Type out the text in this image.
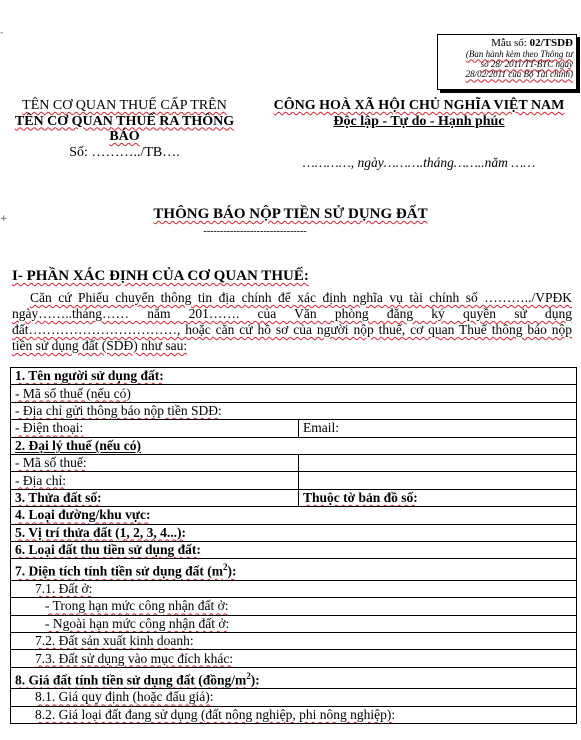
-
+
Mẫu số: 02/TSDĐ
(Ban hành kèm theo Thông tư
số 28/ 2011/TT-BTC ngày
28/02/2011 của Bộ Tài chính)
TÊN CƠ QUAN THUẾ CẤP TRÊN
TÊN CƠ QUAN THUẾ RA THÔNG BÁO
Số: ………../TB….
CÔNG HOÀ XÃ HỘI CHỦ NGHĨA VIỆT NAM
Độc lập - Tự do - Hạnh phúc
…………, ngày……….tháng……..năm ……
THÔNG BÁO NỘP TIỀN SỬ DỤNG ĐẤT
-------------------------------
I- PHẦN XÁC ĐỊNH CỦA CƠ QUAN THUẾ:

Căn cứ Phiếu chuyển thông tin địa chính để xác định nghĩa vụ tài chính số ………../VPĐK ngày……..tháng…… năm 201……. của Văn phòng đăng ký quyền sử dụng đất……………………………, hoặc căn cứ hồ sơ của người nộp thuế, cơ quan Thuế thông báo nộp tiền sử dụng đất (SDĐ) như sau:

1. Tên người sử dụng đất:	
- Mã số thuế (nếu có)	
- Địa chỉ gửi thông báo nộp tiền SDĐ:	
- Điện thoại:	Email:
2. Đại lý thuế (nếu có)	
- Mã số thuế:	
- Địa chỉ:	
3. Thửa đất số:	Thuộc tờ bản đồ số:
4. Loại đường/khu vực:	
5. Vị trí thửa đất (1, 2, 3, 4...):	
6. Loại đất thu tiền sử dụng đất:	
7. Diện tích tính tiền sử dụng đất $(m^2)$:	
7.1. Đất ở:	
- Trong hạn mức công nhận đất ở:	
- Ngoài hạn mức công nhận đất ở:	
7.2. Đất sản xuất kinh doanh:	
7.3. Đất sử dụng vào mục đích khác:	
8. Giá đất tính tiền sử dụng đất $(đồng/m^2)$:	
8.1. Giá quy định (hoặc đấu giá):	
8.2. Giá loại đất đang sử dụng (đất nông nghiệp, phi nông nghiệp):	
